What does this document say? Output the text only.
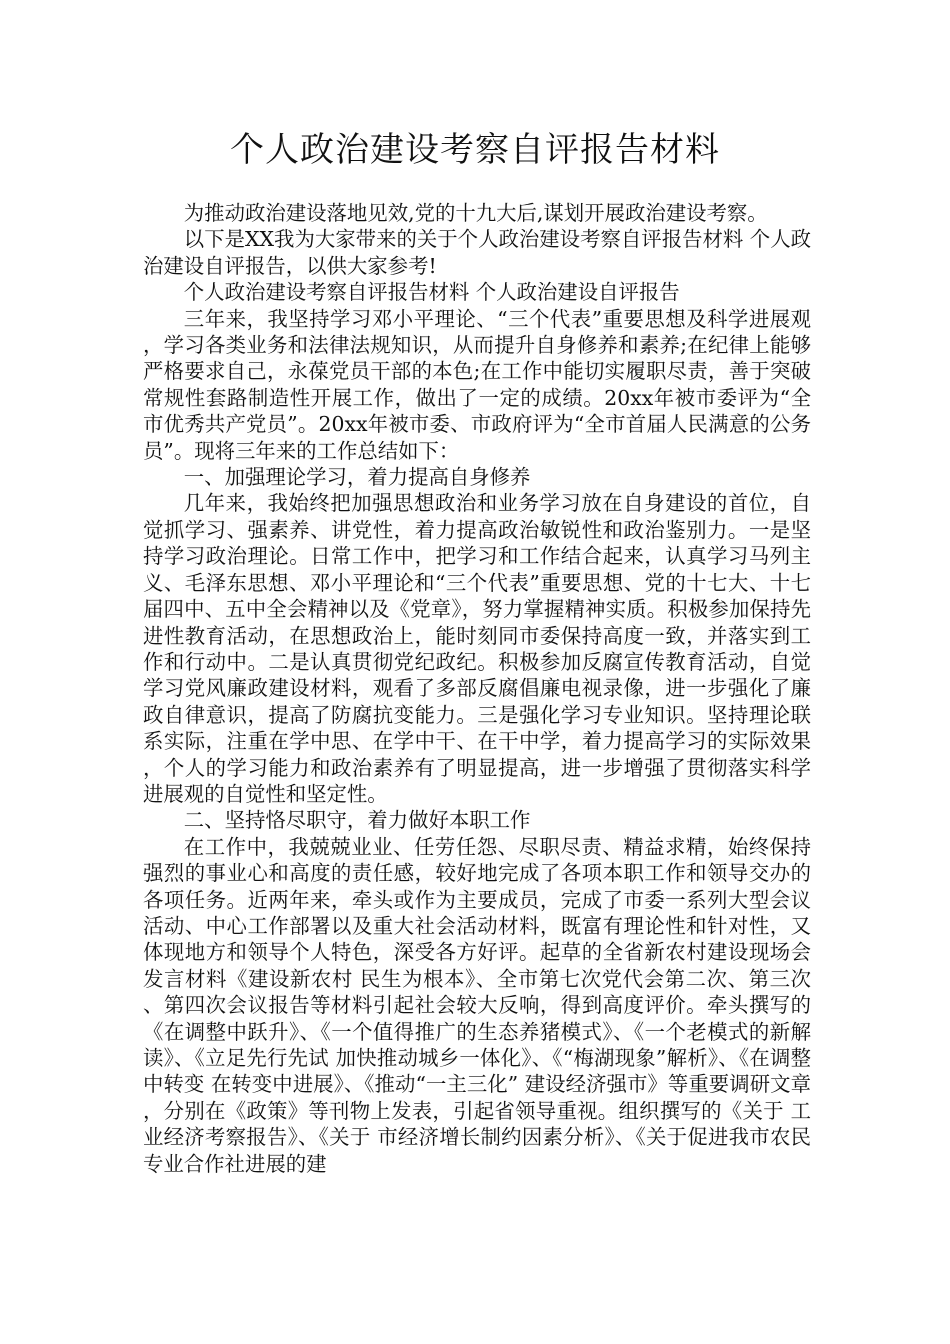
个人政治建设考察自评报告材料

为推动政治建设落地见效,党的十九大后,谋划开展政治建设考察。

以下是XX我为大家带来的关于个人政治建设考察自评报告材料 个人政治建设自评报告，以供大家参考!

个人政治建设考察自评报告材料 个人政治建设自评报告

三年来，我坚持学习邓小平理论、“三个代表”重要思想及科学进展观，学习各类业务和法律法规知识，从而提升自身修养和素养;在纪律上能够严格要求自己，永葆党员干部的本色;在工作中能切实履职尽责，善于突破常规性套路制造性开展工作，做出了一定的成绩。20xx年被市委评为“全市优秀共产党员”。20xx年被市委、市政府评为“全市首届人民满意的公务员”。现将三年来的工作总结如下：

一、加强理论学习，着力提高自身修养

几年来，我始终把加强思想政治和业务学习放在自身建设的首位，自觉抓学习、强素养、讲党性，着力提高政治敏锐性和政治鉴别力。一是坚持学习政治理论。日常工作中，把学习和工作结合起来，认真学习马列主义、毛泽东思想、邓小平理论和“三个代表”重要思想、党的十七大、十七届四中、五中全会精神以及《党章》，努力掌握精神实质。积极参加保持先进性教育活动，在思想政治上，能时刻同市委保持高度一致，并落实到工作和行动中。二是认真贯彻党纪政纪。积极参加反腐宣传教育活动，自觉学习党风廉政建设材料，观看了多部反腐倡廉电视录像，进一步强化了廉政自律意识，提高了防腐抗变能力。三是强化学习专业知识。坚持理论联系实际，注重在学中思、在学中干、在干中学，着力提高学习的实际效果，个人的学习能力和政治素养有了明显提高，进一步增强了贯彻落实科学进展观的自觉性和坚定性。

二、坚持恪尽职守，着力做好本职工作

在工作中，我兢兢业业、任劳任怨、尽职尽责、精益求精，始终保持强烈的事业心和高度的责任感，较好地完成了各项本职工作和领导交办的各项任务。近两年来，牵头或作为主要成员，完成了市委一系列大型会议活动、中心工作部署以及重大社会活动材料，既富有理论性和针对性，又体现地方和领导个人特色，深受各方好评。起草的全省新农村建设现场会发言材料《建设新农村 民生为根本》、全市第七次党代会第二次、第三次、第四次会议报告等材料引起社会较大反响，得到高度评价。牵头撰写的《在调整中跃升》、《一个值得推广的生态养猪模式》、《一个老模式的新解读》、《立足先行先试 加快推动城乡一体化》、《“梅湖现象”解析》、《在调整中转变 在转变中进展》、《推动“一主三化” 建设经济强市》等重要调研文章，分别在《政策》等刊物上发表，引起省领导重视。组织撰写的《关于 工业经济考察报告》、《关于 市经济增长制约因素分析》、《关于促进我市农民专业合作社进展的建
